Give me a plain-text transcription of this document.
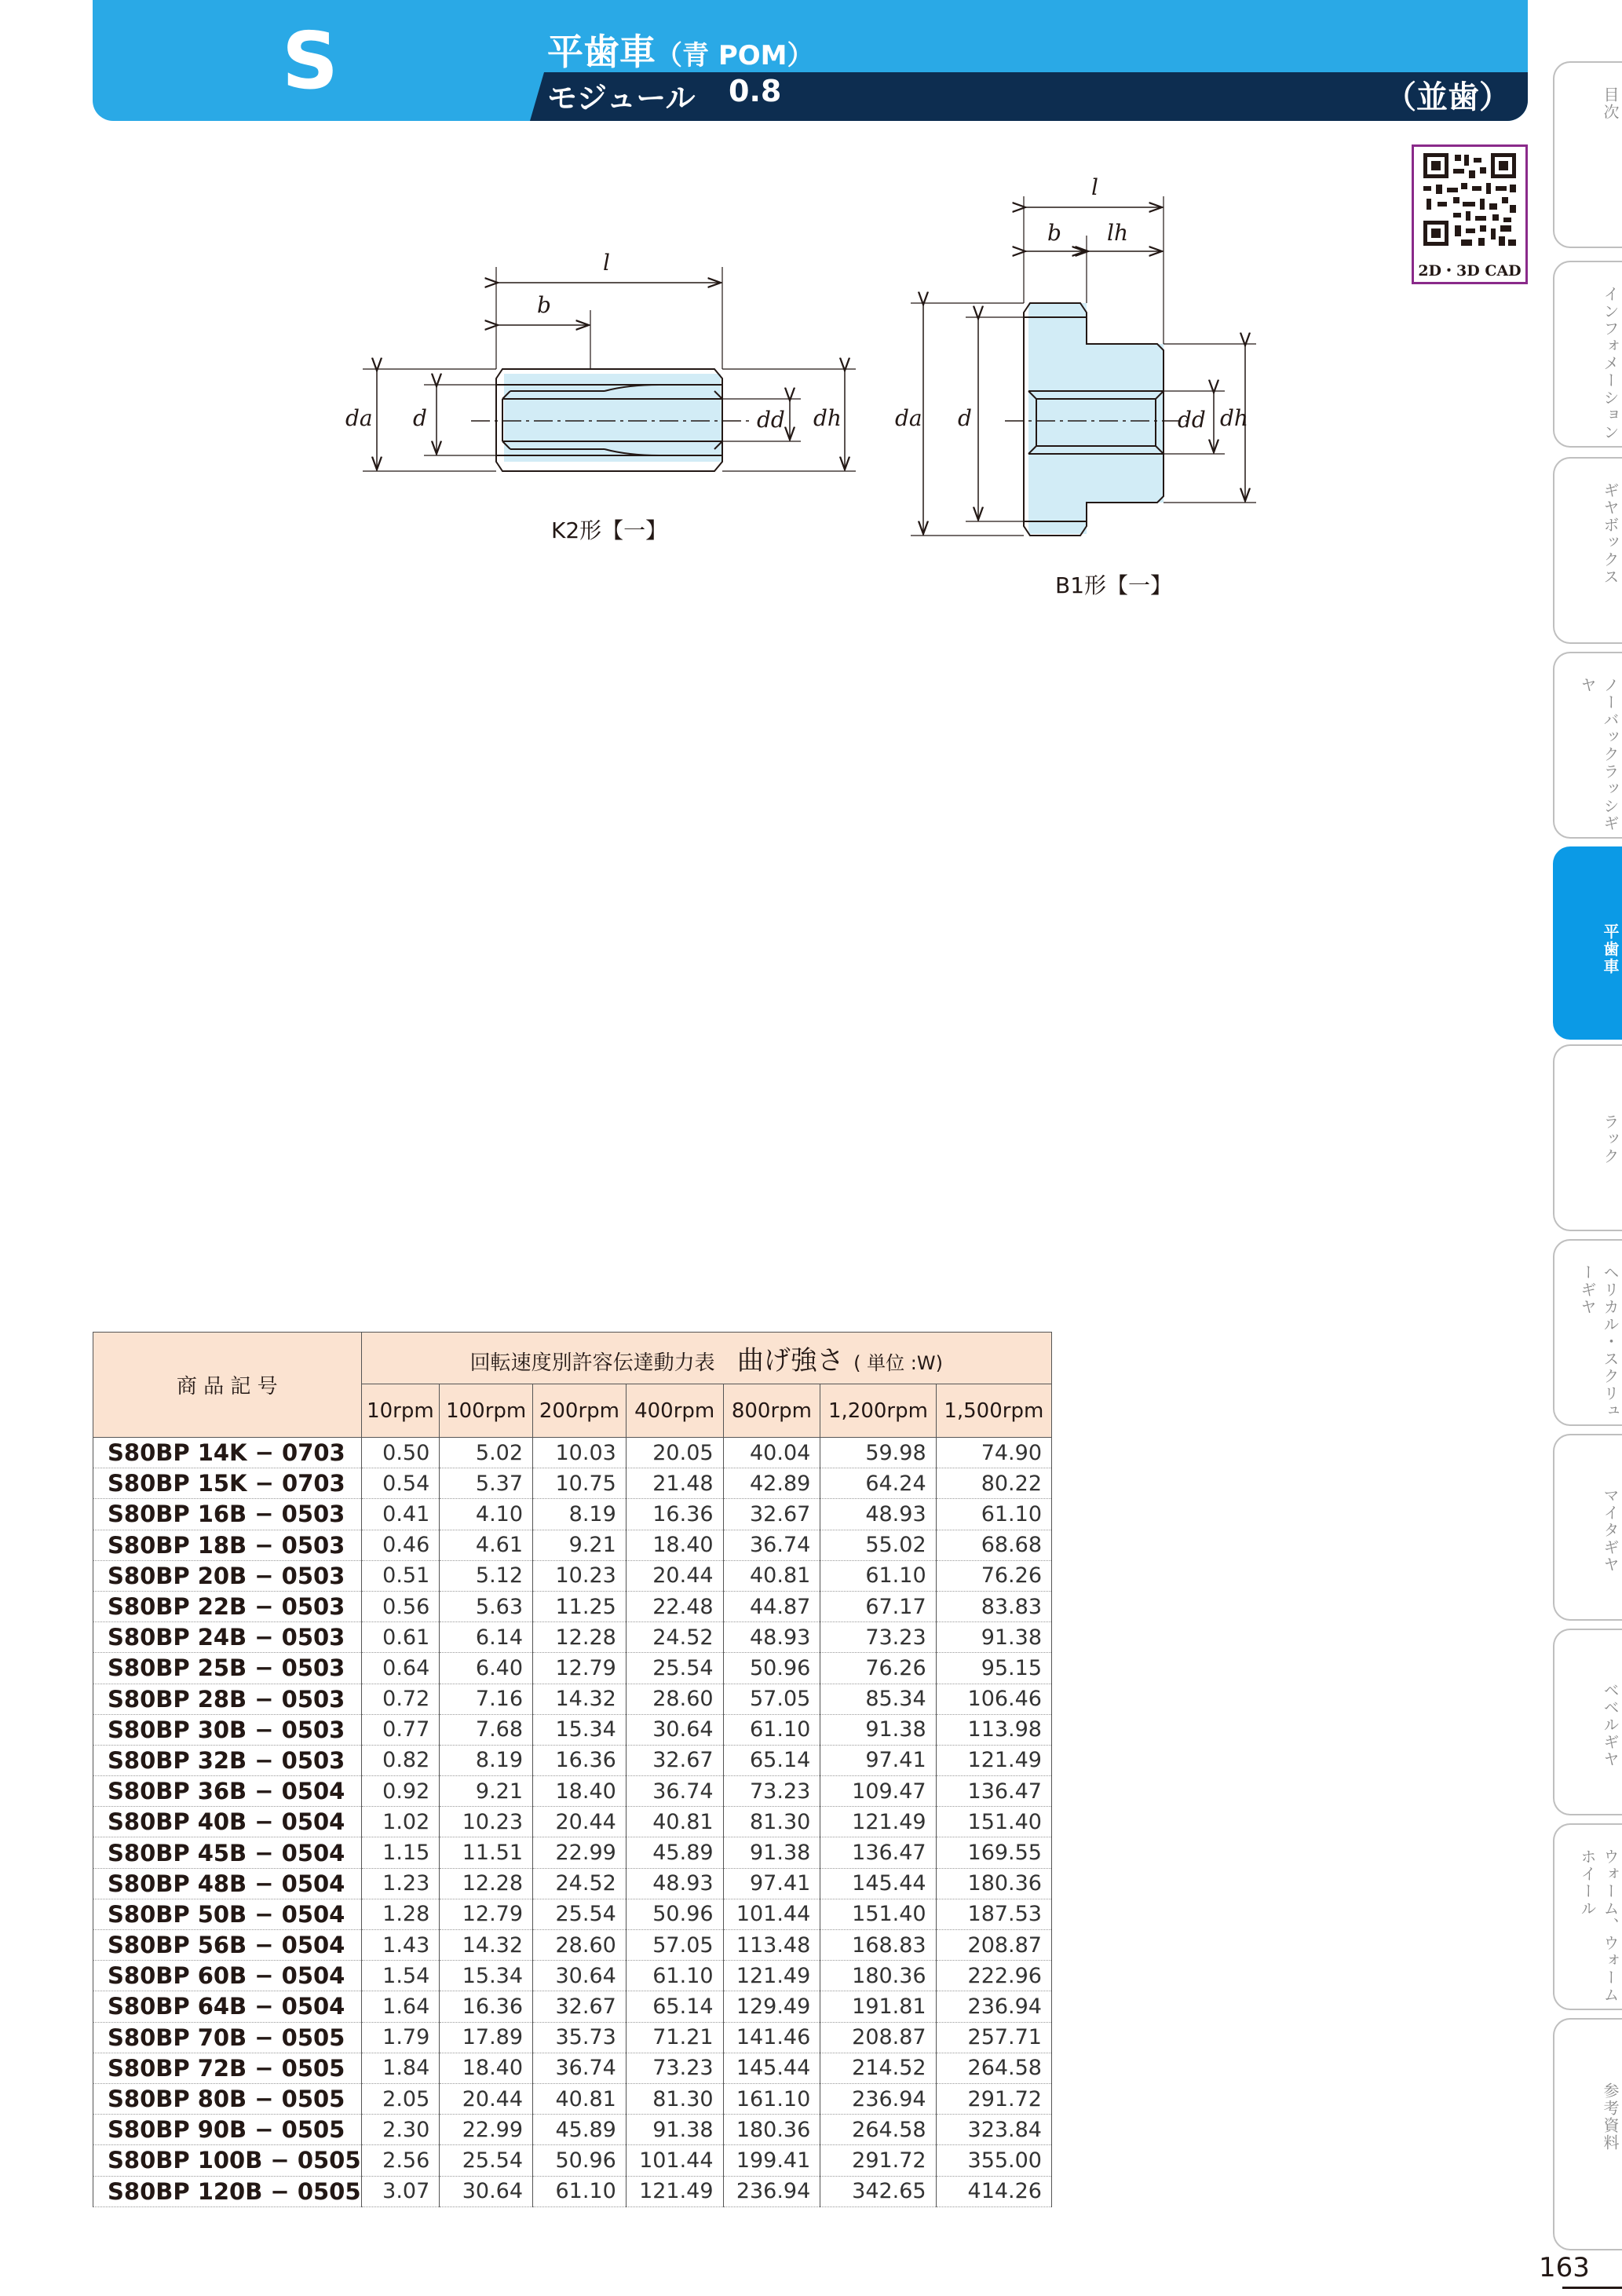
S	平歯車（青 POM）
モジュール 0.8	（並歯）
2D・3D CAD
目次
インフォメーション
ギヤボックス
ノーバックラッシギヤ
平歯車
ラック
ヘリカル・スクリューギヤ
マイタギヤ
ベベルギヤ
ウォーム、ウォームホイール
参考資料
l
b
da d	dd dh
K2形【一】
l
b lh
da d	dd dh
B1形【一】
商 品 記 号	回転速度別許容伝達動力表 曲げ強さ ( 単位 :W)						
	10rpm	100rpm	200rpm	400rpm	800rpm	1,200rpm	1,500rpm
S80BP 14K − 0703	0.50	5.02	10.03	20.05	40.04	59.98	74.90
S80BP 15K − 0703	0.54	5.37	10.75	21.48	42.89	64.24	80.22
S80BP 16B − 0503	0.41	4.10	8.19	16.36	32.67	48.93	61.10
S80BP 18B − 0503	0.46	4.61	9.21	18.40	36.74	55.02	68.68
S80BP 20B − 0503	0.51	5.12	10.23	20.44	40.81	61.10	76.26
S80BP 22B − 0503	0.56	5.63	11.25	22.48	44.87	67.17	83.83
S80BP 24B − 0503	0.61	6.14	12.28	24.52	48.93	73.23	91.38
S80BP 25B − 0503	0.64	6.40	12.79	25.54	50.96	76.26	95.15
S80BP 28B − 0503	0.72	7.16	14.32	28.60	57.05	85.34	106.46
S80BP 30B − 0503	0.77	7.68	15.34	30.64	61.10	91.38	113.98
S80BP 32B − 0503	0.82	8.19	16.36	32.67	65.14	97.41	121.49
S80BP 36B − 0504	0.92	9.21	18.40	36.74	73.23	109.47	136.47
S80BP 40B − 0504	1.02	10.23	20.44	40.81	81.30	121.49	151.40
S80BP 45B − 0504	1.15	11.51	22.99	45.89	91.38	136.47	169.55
S80BP 48B − 0504	1.23	12.28	24.52	48.93	97.41	145.44	180.36
S80BP 50B − 0504	1.28	12.79	25.54	50.96	101.44	151.40	187.53
S80BP 56B − 0504	1.43	14.32	28.60	57.05	113.48	168.83	208.87
S80BP 60B − 0504	1.54	15.34	30.64	61.10	121.49	180.36	222.96
S80BP 64B − 0504	1.64	16.36	32.67	65.14	129.49	191.81	236.94
S80BP 70B − 0505	1.79	17.89	35.73	71.21	141.46	208.87	257.71
S80BP 72B − 0505	1.84	18.40	36.74	73.23	145.44	214.52	264.58
S80BP 80B − 0505	2.05	20.44	40.81	81.30	161.10	236.94	291.72
S80BP 90B − 0505	2.30	22.99	45.89	91.38	180.36	264.58	323.84
S80BP 100B − 0505	2.56	25.54	50.96	101.44	199.41	291.72	355.00
S80BP 120B − 0505	3.07	30.64	61.10	121.49	236.94	342.65	414.26
163
